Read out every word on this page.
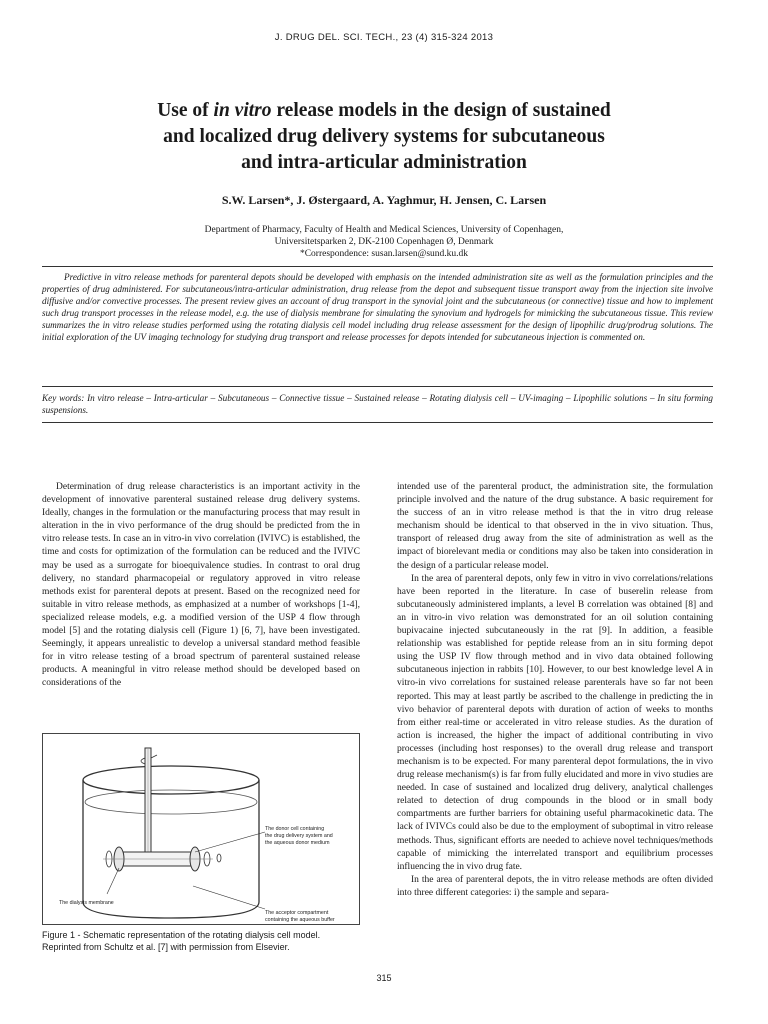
J. DRUG DEL. SCI. TECH., 23 (4) 315-324 2013
Use of in vitro release models in the design of sustained
and localized drug delivery systems for subcutaneous
and intra-articular administration
S.W. Larsen*, J. Østergaard, A. Yaghmur, H. Jensen, C. Larsen
Department of Pharmacy, Faculty of Health and Medical Sciences, University of Copenhagen,
Universitetsparken 2, DK-2100 Copenhagen Ø, Denmark
*Correspondence: susan.larsen@sund.ku.dk
Predictive in vitro release methods for parenteral depots should be developed with emphasis on the intended administration site as well as the formulation principles and the properties of drug administered. For subcutaneous/intra-articular administration, drug release from the depot and subsequent tissue transport away from the injection site involve diffusive and/or convective processes. The present review gives an account of drug transport in the synovial joint and the subcutaneous (or connective) tissue and how to implement such drug transport processes in the release model, e.g. the use of dialysis membrane for simulating the synovium and hydrogels for mimicking the subcutaneous tissue. This review summarizes the in vitro release studies performed using the rotating dialysis cell model including drug release assessment for the design of lipophilic drug/prodrug solutions. The initial exploration of the UV imaging technology for studying drug transport and release processes for depots intended for subcutaneous injection is commented on.
Key words: In vitro release – Intra-articular – Subcutaneous – Connective tissue – Sustained release – Rotating dialysis cell – UV-imaging – Lipophilic solutions – In situ forming suspensions.

Determination of drug release characteristics is an important activity in the development of innovative parenteral sustained release drug delivery systems. Ideally, changes in the formulation or the manufacturing process that may result in alteration in the in vivo performance of the drug should be predicted from the in vitro release tests. In case an in vitro-in vivo correlation (IVIVC) is established, the time and costs for optimization of the formulation can be reduced and the IVIVC may be used as a surrogate for bioequivalence studies. In contrast to oral drug delivery, no standard pharmacopeial or regulatory approved in vitro release methods exist for parenteral depots at present. Based on the recognized need for suitable in vitro release methods, as emphasized at a number of workshops [1-4], specialized release models, e.g. a modified version of the USP 4 flow through model [5] and the rotating dialysis cell (Figure 1) [6, 7], have been investigated. Seemingly, it appears unrealistic to develop a universal standard method feasible for in vitro release testing of a broad spectrum of parenteral sustained release products. A meaningful in vitro release method should be developed based on considerations of the

intended use of the parenteral product, the administration site, the formulation principle involved and the nature of the drug substance. A basic requirement for the success of an in vitro release method is that the in vitro drug release mechanism should be identical to that observed in the in vivo situation. Thus, transport of released drug away from the site of administration as well as the impact of biorelevant media or conditions may also be taken into consideration in the design of a particular release model.

In the area of parenteral depots, only few in vitro in vivo correlations/relations have been reported in the literature. In case of buserelin release from subcutaneously administered implants, a level B correlation was obtained [8] and an in vitro-in vivo relation was demonstrated for an oil solution containing bupivacaine injected subcutaneously in the rat [9]. In addition, a feasible relationship was established for peptide release from an in situ forming depot using the USP IV flow through method and in vivo data obtained following subcutaneous injection in rabbits [10]. However, to our best knowledge level A in vitro-in vivo correlations for sustained release parenterals have so far not been reported. This may at least partly be ascribed to the challenge in predicting the in vivo behavior of parenteral depots with duration of action of weeks to months from either real-time or accelerated in vitro release studies. As the duration of action is increased, the higher the impact of additional contributing in vivo processes (including host responses) to the overall drug release and transport mechanism is to be expected. For many parenteral depot formulations, the in vivo drug release mechanism(s) is far from fully elucidated and more in vivo studies are needed. In case of sustained and localized drug delivery, analytical challenges related to detection of drug compounds in the blood or in small body compartments are further barriers for obtaining useful pharmacokinetic data. The lack of IVIVCs could also be due to the employment of suboptimal in vitro release methods. Thus, significant efforts are needed to achieve novel techniques/methods capable of mimicking the interrelated transport and equilibrium processes influencing the in vivo drug fate.

In the area of parenteral depots, the in vitro release methods are often divided into three different categories: i) the sample and separa-

The donor cell containing
the drug delivery system and
the aqueous donor medium
The dialysis membrane
The acceptor compartment
containing the aqueous buffer
Figure 1 - Schematic representation of the rotating dialysis cell model. Reprinted from Schultz et al. [7] with permission from Elsevier.
315
